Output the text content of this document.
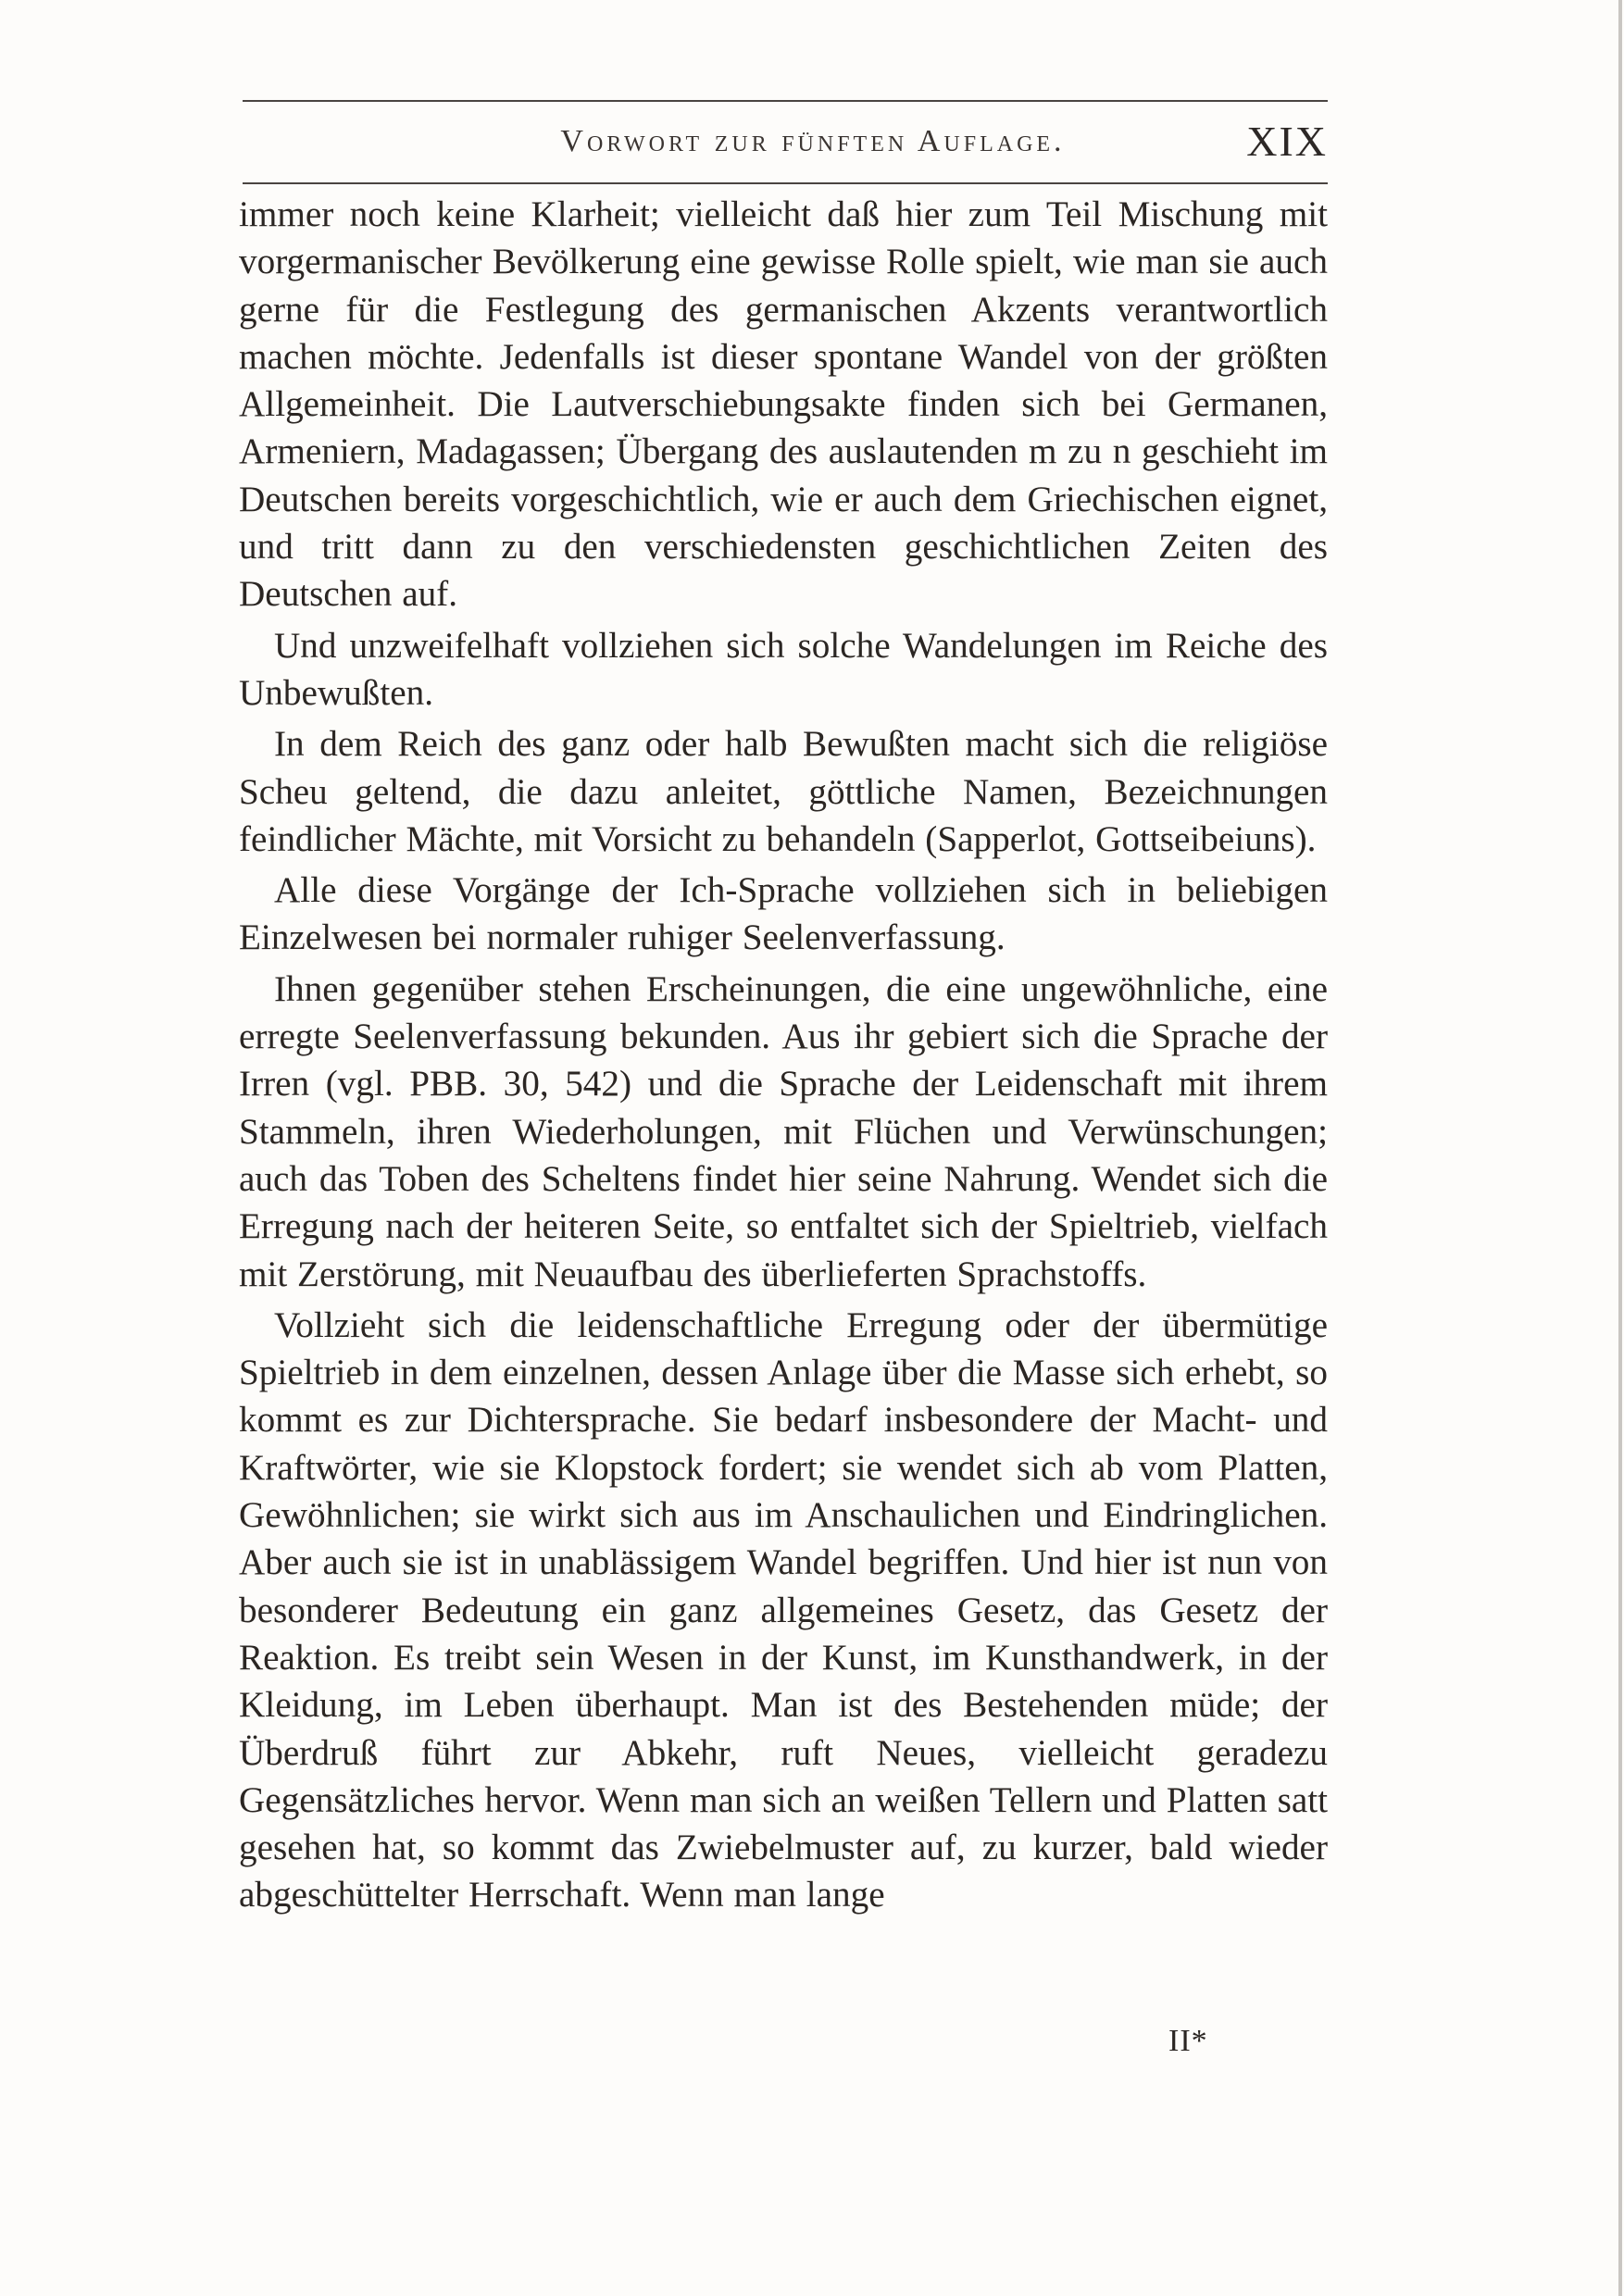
Vorwort zur fünften Auflage.	XIX

immer noch keine Klarheit; vielleicht daß hier zum Teil Mischung mit vorgermanischer Bevölkerung eine gewisse Rolle spielt, wie man sie auch gerne für die Festlegung des germanischen Akzents verantwortlich machen möchte. Jedenfalls ist dieser spontane Wandel von der größten Allgemeinheit. Die Lautverschiebungsakte finden sich bei Germanen, Armeniern, Madagassen; Übergang des auslautenden m zu n geschieht im Deutschen bereits vorgeschichtlich, wie er auch dem Griechischen eignet, und tritt dann zu den verschiedensten geschichtlichen Zeiten des Deutschen auf.

Und unzweifelhaft vollziehen sich solche Wandelungen im Reiche des Unbewußten.

In dem Reich des ganz oder halb Bewußten macht sich die religiöse Scheu geltend, die dazu anleitet, göttliche Namen, Bezeichnungen feindlicher Mächte, mit Vorsicht zu behandeln (Sapperlot, Gottseibeiuns).

Alle diese Vorgänge der Ich-Sprache vollziehen sich in beliebigen Einzelwesen bei normaler ruhiger Seelenverfassung.

Ihnen gegenüber stehen Erscheinungen, die eine ungewöhnliche, eine erregte Seelenverfassung bekunden. Aus ihr gebiert sich die Sprache der Irren (vgl. PBB. 30, 542) und die Sprache der Leidenschaft mit ihrem Stammeln, ihren Wiederholungen, mit Flüchen und Verwünschungen; auch das Toben des Scheltens findet hier seine Nahrung. Wendet sich die Erregung nach der heiteren Seite, so entfaltet sich der Spieltrieb, vielfach mit Zerstörung, mit Neuaufbau des überlieferten Sprachstoffs.

Vollzieht sich die leidenschaftliche Erregung oder der übermütige Spieltrieb in dem einzelnen, dessen Anlage über die Masse sich erhebt, so kommt es zur Dichtersprache. Sie bedarf insbesondere der Macht- und Kraftwörter, wie sie Klopstock fordert; sie wendet sich ab vom Platten, Gewöhnlichen; sie wirkt sich aus im Anschaulichen und Eindringlichen. Aber auch sie ist in unablässigem Wandel begriffen. Und hier ist nun von besonderer Bedeutung ein ganz allgemeines Gesetz, das Gesetz der Reaktion. Es treibt sein Wesen in der Kunst, im Kunsthandwerk, in der Kleidung, im Leben überhaupt. Man ist des Bestehenden müde; der Überdruß führt zur Abkehr, ruft Neues, vielleicht geradezu Gegensätzliches hervor. Wenn man sich an weißen Tellern und Platten satt gesehen hat, so kommt das Zwiebelmuster auf, zu kurzer, bald wieder abgeschüttelter Herrschaft. Wenn man lange

II*
